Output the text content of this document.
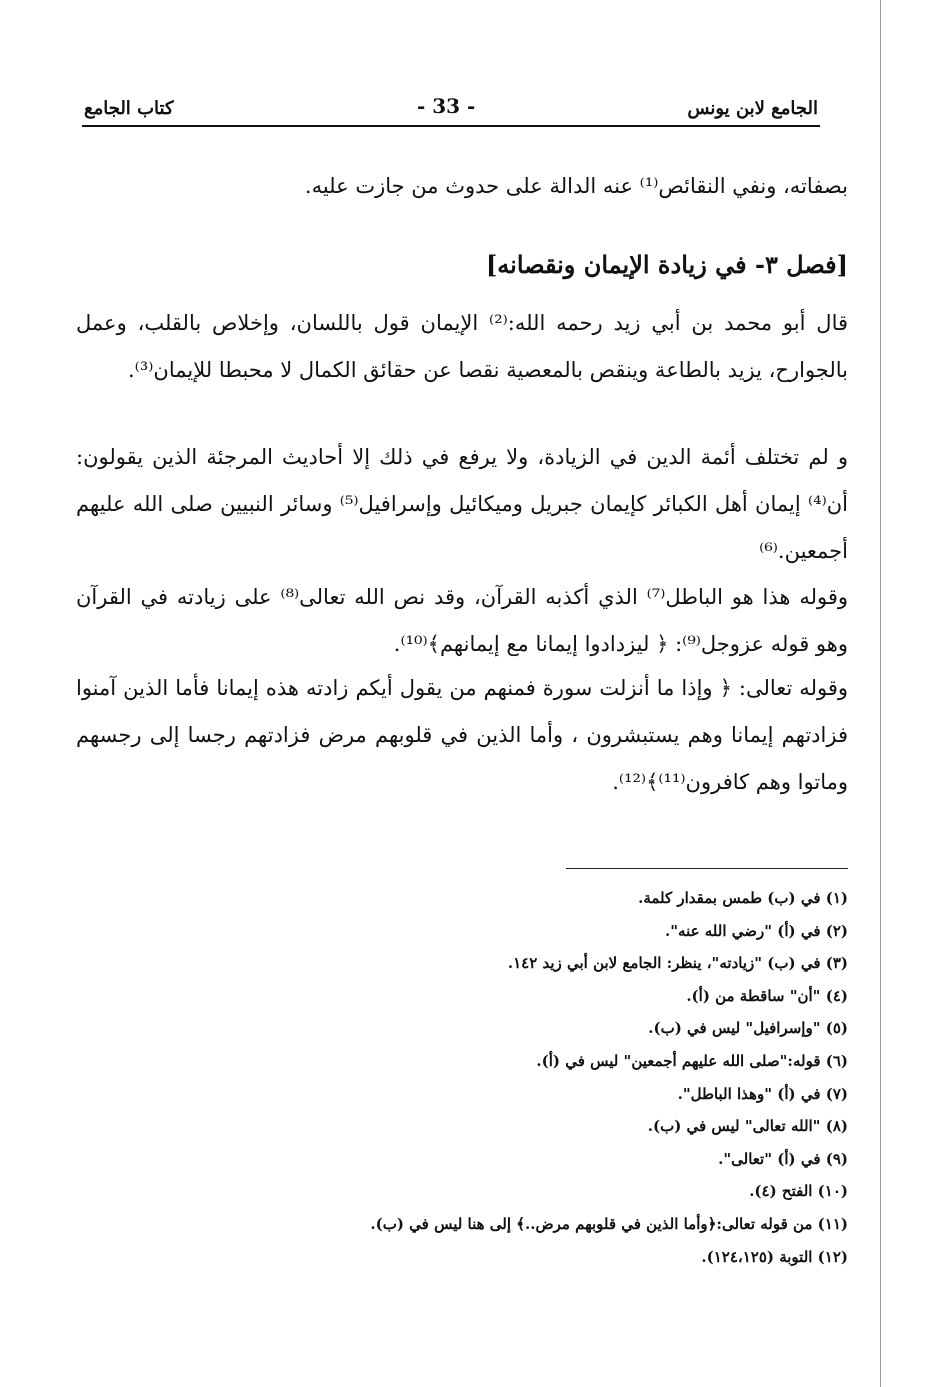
الجامع لابن يونس
- 33 -
كتاب الجامع

بصفاته، ونفي النقائص⁽¹⁾ عنه الدالة على حدوث من جازت عليه.

[فصل ٣- في زيادة الإيمان ونقصانه]

قال أبو محمد بن أبي زيد رحمه الله:⁽²⁾ الإيمان قول باللسان، وإخلاص بالقلب، وعمل بالجوارح، يزيد بالطاعة وينقص بالمعصية نقصا عن حقائق الكمال لا محبطا للإيمان⁽³⁾.

و لم تختلف أئمة الدين في الزيادة، ولا يرفع في ذلك إلا أحاديث المرجئة الذين يقولون: أن⁽⁴⁾ إيمان أهل الكبائر كإيمان جبريل وميكائيل وإسرافيل⁽⁵⁾ وسائر النبيين صلى الله عليهم أجمعين.⁽⁶⁾

وقوله هذا هو الباطل⁽⁷⁾ الذي أكذبه القرآن، وقد نص الله تعالى⁽⁸⁾ على زيادته في القرآن وهو قوله عزوجل⁽⁹⁾: ﴿ ليزدادوا إيمانا مع إيمانهم﴾⁽¹⁰⁾.

وقوله تعالى: ﴿ وإذا ما أنزلت سورة فمنهم من يقول أيكم زادته هذه إيمانا فأما الذين آمنوا فزادتهم إيمانا وهم يستبشرون ، وأما الذين في قلوبهم مرض فزادتهم رجسا إلى رجسهم وماتوا وهم كافرون⁽¹¹⁾﴾⁽¹²⁾.

(١) في (ب) طمس بمقدار كلمة.
(٢) في (أ) "رضي الله عنه".
(٣) في (ب) "زيادته"، ينظر: الجامع لابن أبي زيد ١٤٢.
(٤) "أن" ساقطة من (أ).
(٥) "وإسرافيل" ليس في (ب).
(٦) قوله:"صلى الله عليهم أجمعين" ليس في (أ).
(٧) في (أ) "وهذا الباطل".
(٨) "الله تعالى" ليس في (ب).
(٩) في (أ) "تعالى".
(١٠) الفتح (٤).
(١١) من قوله تعالى:﴿وأما الذين في قلوبهم مرض..﴾ إلى هنا ليس في (ب).
(١٢) التوبة (١٢٤،١٢٥).
